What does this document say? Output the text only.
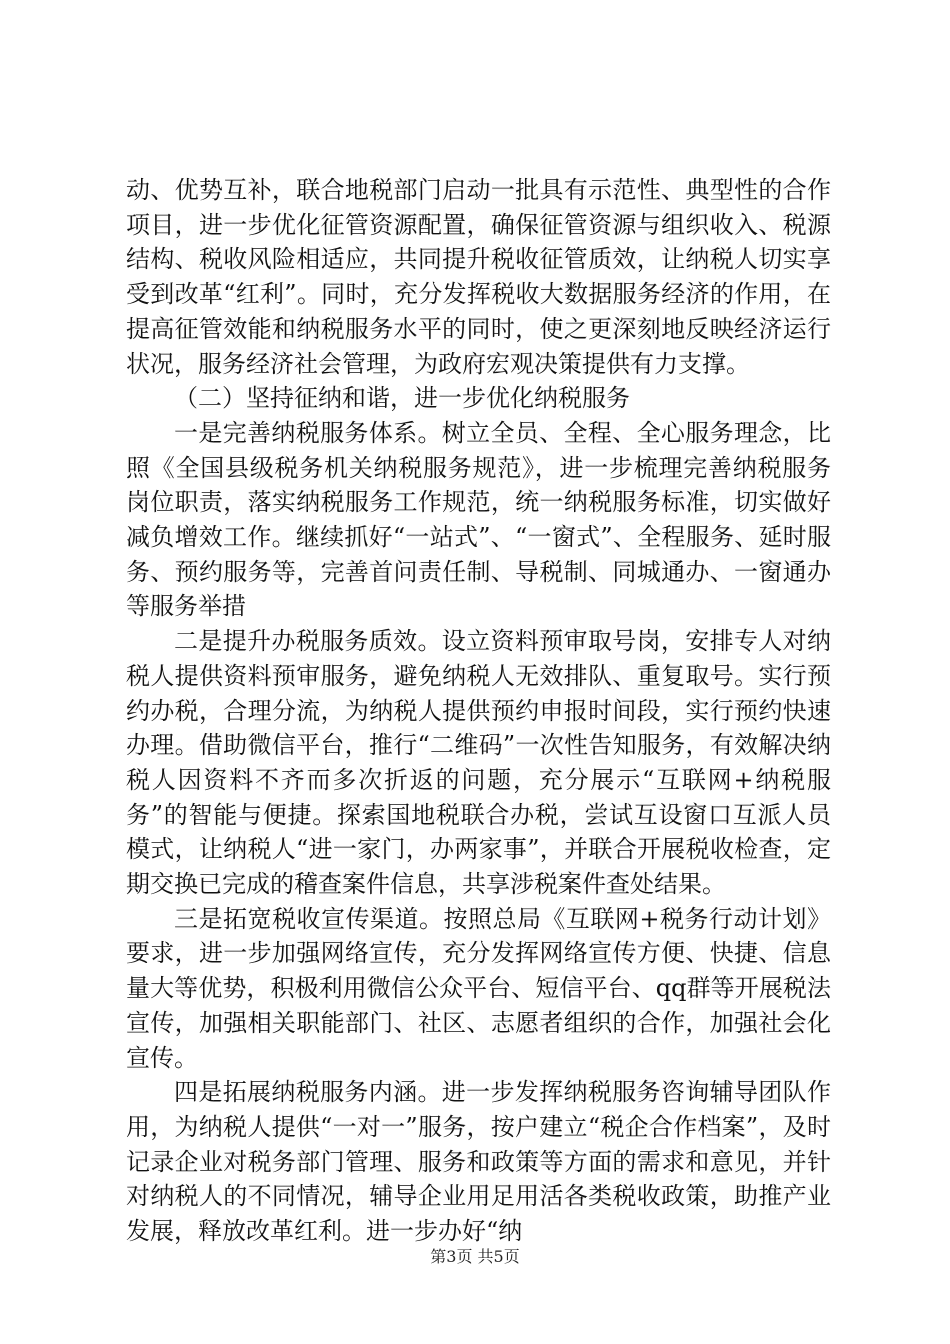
动、优势互补，联合地税部门启动一批具有示范性、典型性的合作项目，进一步优化征管资源配置，确保征管资源与组织收入、税源结构、税收风险相适应，共同提升税收征管质效，让纳税人切实享受到改革“红利”。同时，充分发挥税收大数据服务经济的作用，在提高征管效能和纳税服务水平的同时，使之更深刻地反映经济运行状况，服务经济社会管理，为政府宏观决策提供有力支撑。

（二）坚持征纳和谐，进一步优化纳税服务

一是完善纳税服务体系。树立全员、全程、全心服务理念，比照《全国县级税务机关纳税服务规范》，进一步梳理完善纳税服务岗位职责，落实纳税服务工作规范，统一纳税服务标准，切实做好减负增效工作。继续抓好“一站式”、“一窗式”、全程服务、延时服务、预约服务等，完善首问责任制、导税制、同城通办、一窗通办等服务举措

二是提升办税服务质效。设立资料预审取号岗，安排专人对纳税人提供资料预审服务，避免纳税人无效排队、重复取号。实行预约办税，合理分流，为纳税人提供预约申报时间段，实行预约快速办理。借助微信平台，推行“二维码”一次性告知服务，有效解决纳税人因资料不齐而多次折返的问题，充分展示“互联网+纳税服务”的智能与便捷。探索国地税联合办税，尝试互设窗口互派人员模式，让纳税人“进一家门，办两家事”，并联合开展税收检查，定期交换已完成的稽查案件信息，共享涉税案件查处结果。

三是拓宽税收宣传渠道。按照总局《互联网+税务行动计划》要求，进一步加强网络宣传，充分发挥网络宣传方便、快捷、信息量大等优势，积极利用微信公众平台、短信平台、qq群等开展税法宣传，加强相关职能部门、社区、志愿者组织的合作，加强社会化宣传。

四是拓展纳税服务内涵。进一步发挥纳税服务咨询辅导团队作用，为纳税人提供“一对一”服务，按户建立“税企合作档案”，及时记录企业对税务部门管理、服务和政策等方面的需求和意见，并针对纳税人的不同情况，辅导企业用足用活各类税收政策，助推产业发展，释放改革红利。进一步办好“纳

第3页 共5页
